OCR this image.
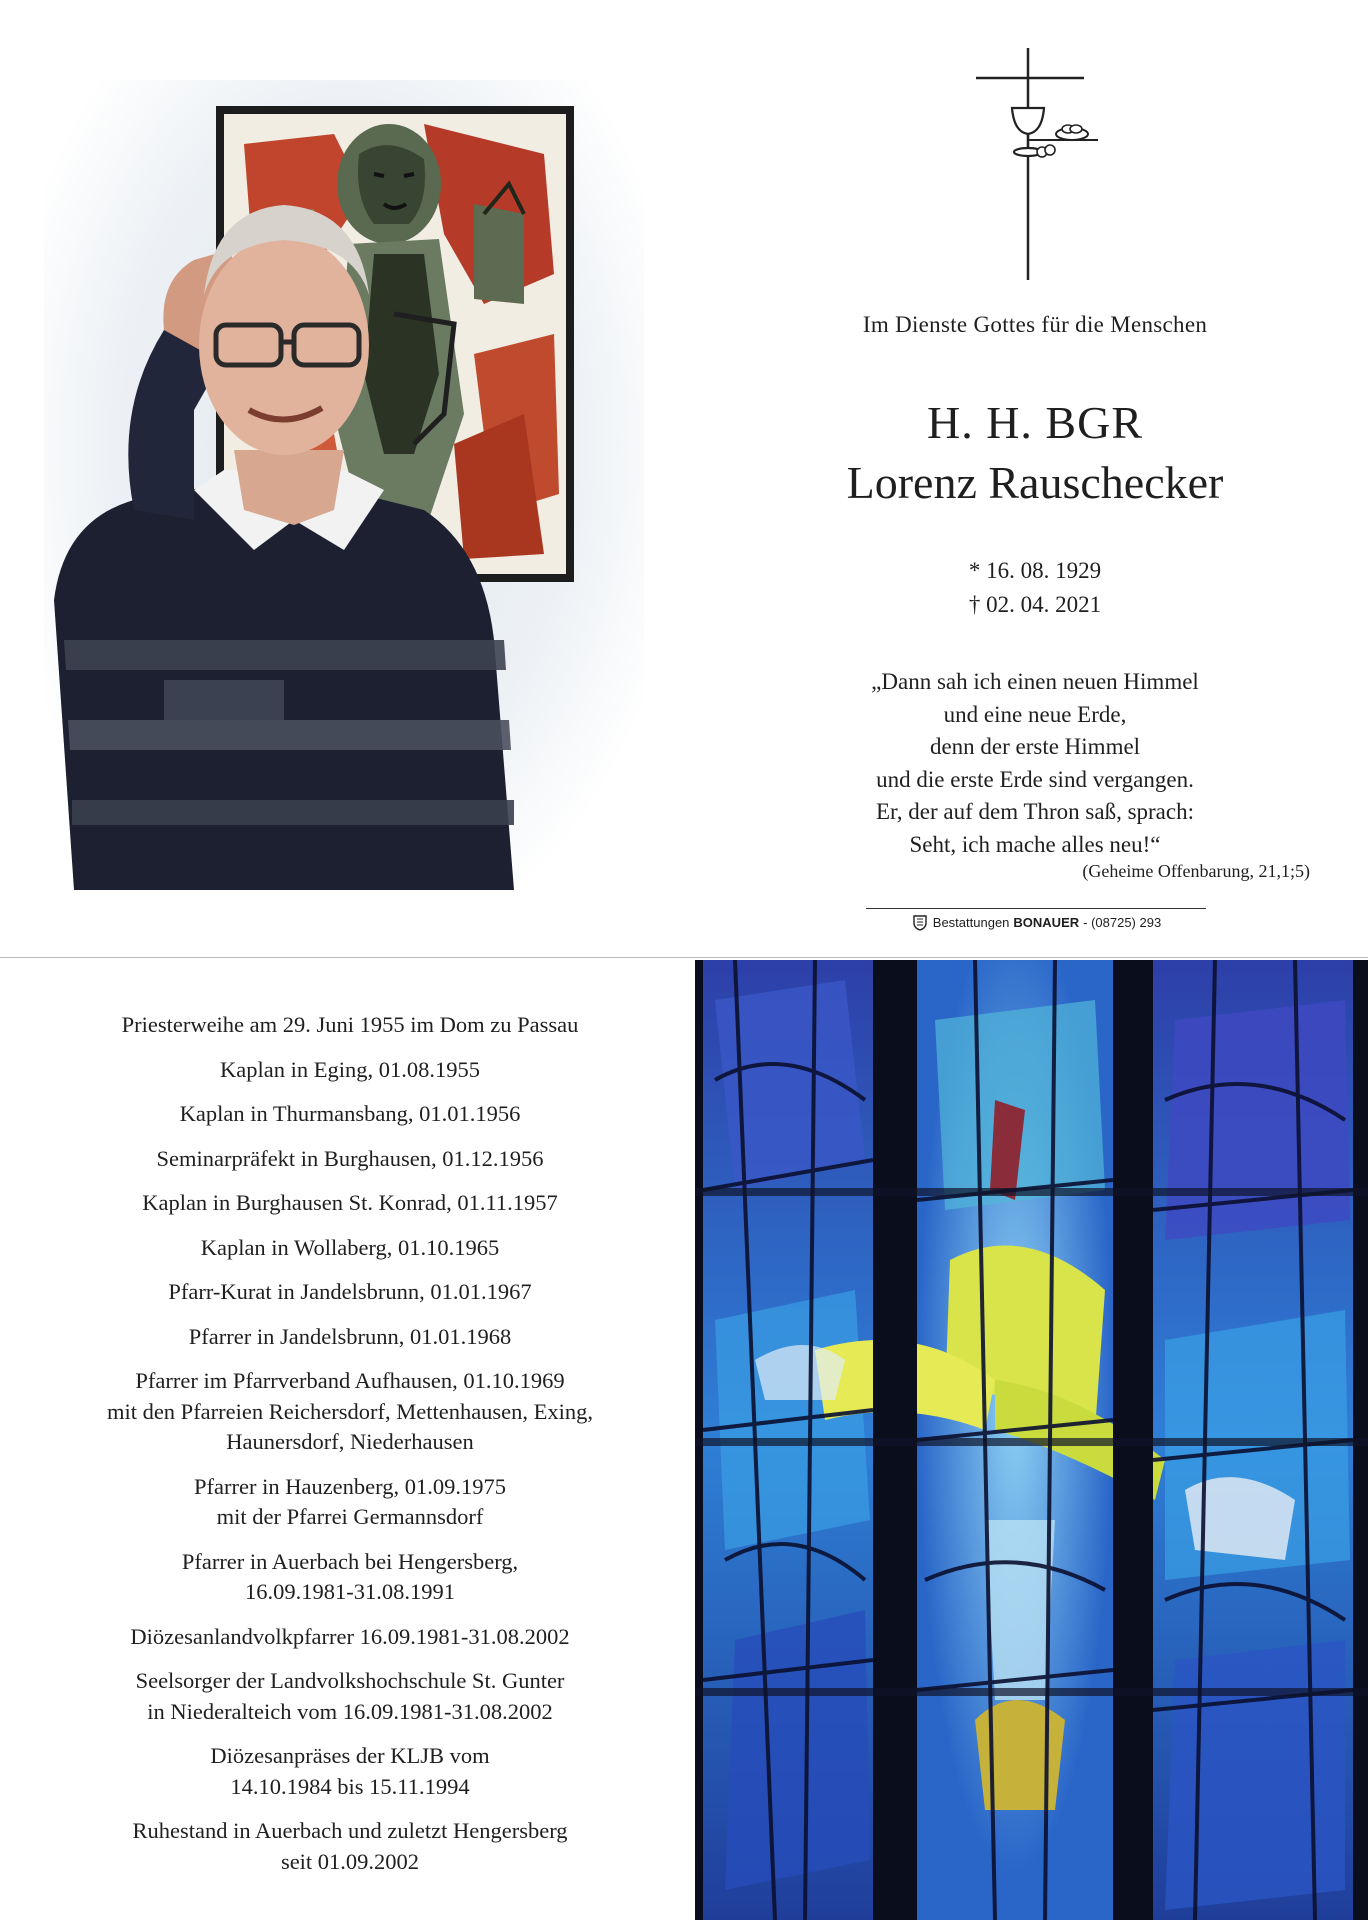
Im Dienste Gottes für die Menschen
H. H. BGR
Lorenz Rauschecker
* 16. 08. 1929
† 02. 04. 2021
„Dann sah ich einen neuen Himmel
und eine neue Erde,
denn der erste Himmel
und die erste Erde sind vergangen.
Er, der auf dem Thron saß, sprach:
Seht, ich mache alles neu!“
(Geheime Offenbarung, 21,1;5)
Bestattungen BONAUER - (08725) 293
Priesterweihe am 29. Juni 1955 im Dom zu Passau
Kaplan in Eging, 01.08.1955
Kaplan in Thurmansbang, 01.01.1956
Seminarpräfekt in Burghausen, 01.12.1956
Kaplan in Burghausen St. Konrad, 01.11.1957
Kaplan in Wollaberg, 01.10.1965
Pfarr-Kurat in Jandelsbrunn, 01.01.1967
Pfarrer in Jandelsbrunn, 01.01.1968
Pfarrer im Pfarrverband Aufhausen, 01.10.1969
mit den Pfarreien Reichersdorf, Mettenhausen, Exing,
Haunersdorf, Niederhausen
Pfarrer in Hauzenberg, 01.09.1975
mit der Pfarrei Germannsdorf
Pfarrer in Auerbach bei Hengersberg,
16.09.1981-31.08.1991
Diözesanlandvolkpfarrer 16.09.1981-31.08.2002
Seelsorger der Landvolkshochschule St. Gunter
in Niederalteich vom 16.09.1981-31.08.2002
Diözesanpräses der KLJB vom
14.10.1984 bis 15.11.1994
Ruhestand in Auerbach und zuletzt Hengersberg
seit 01.09.2002
